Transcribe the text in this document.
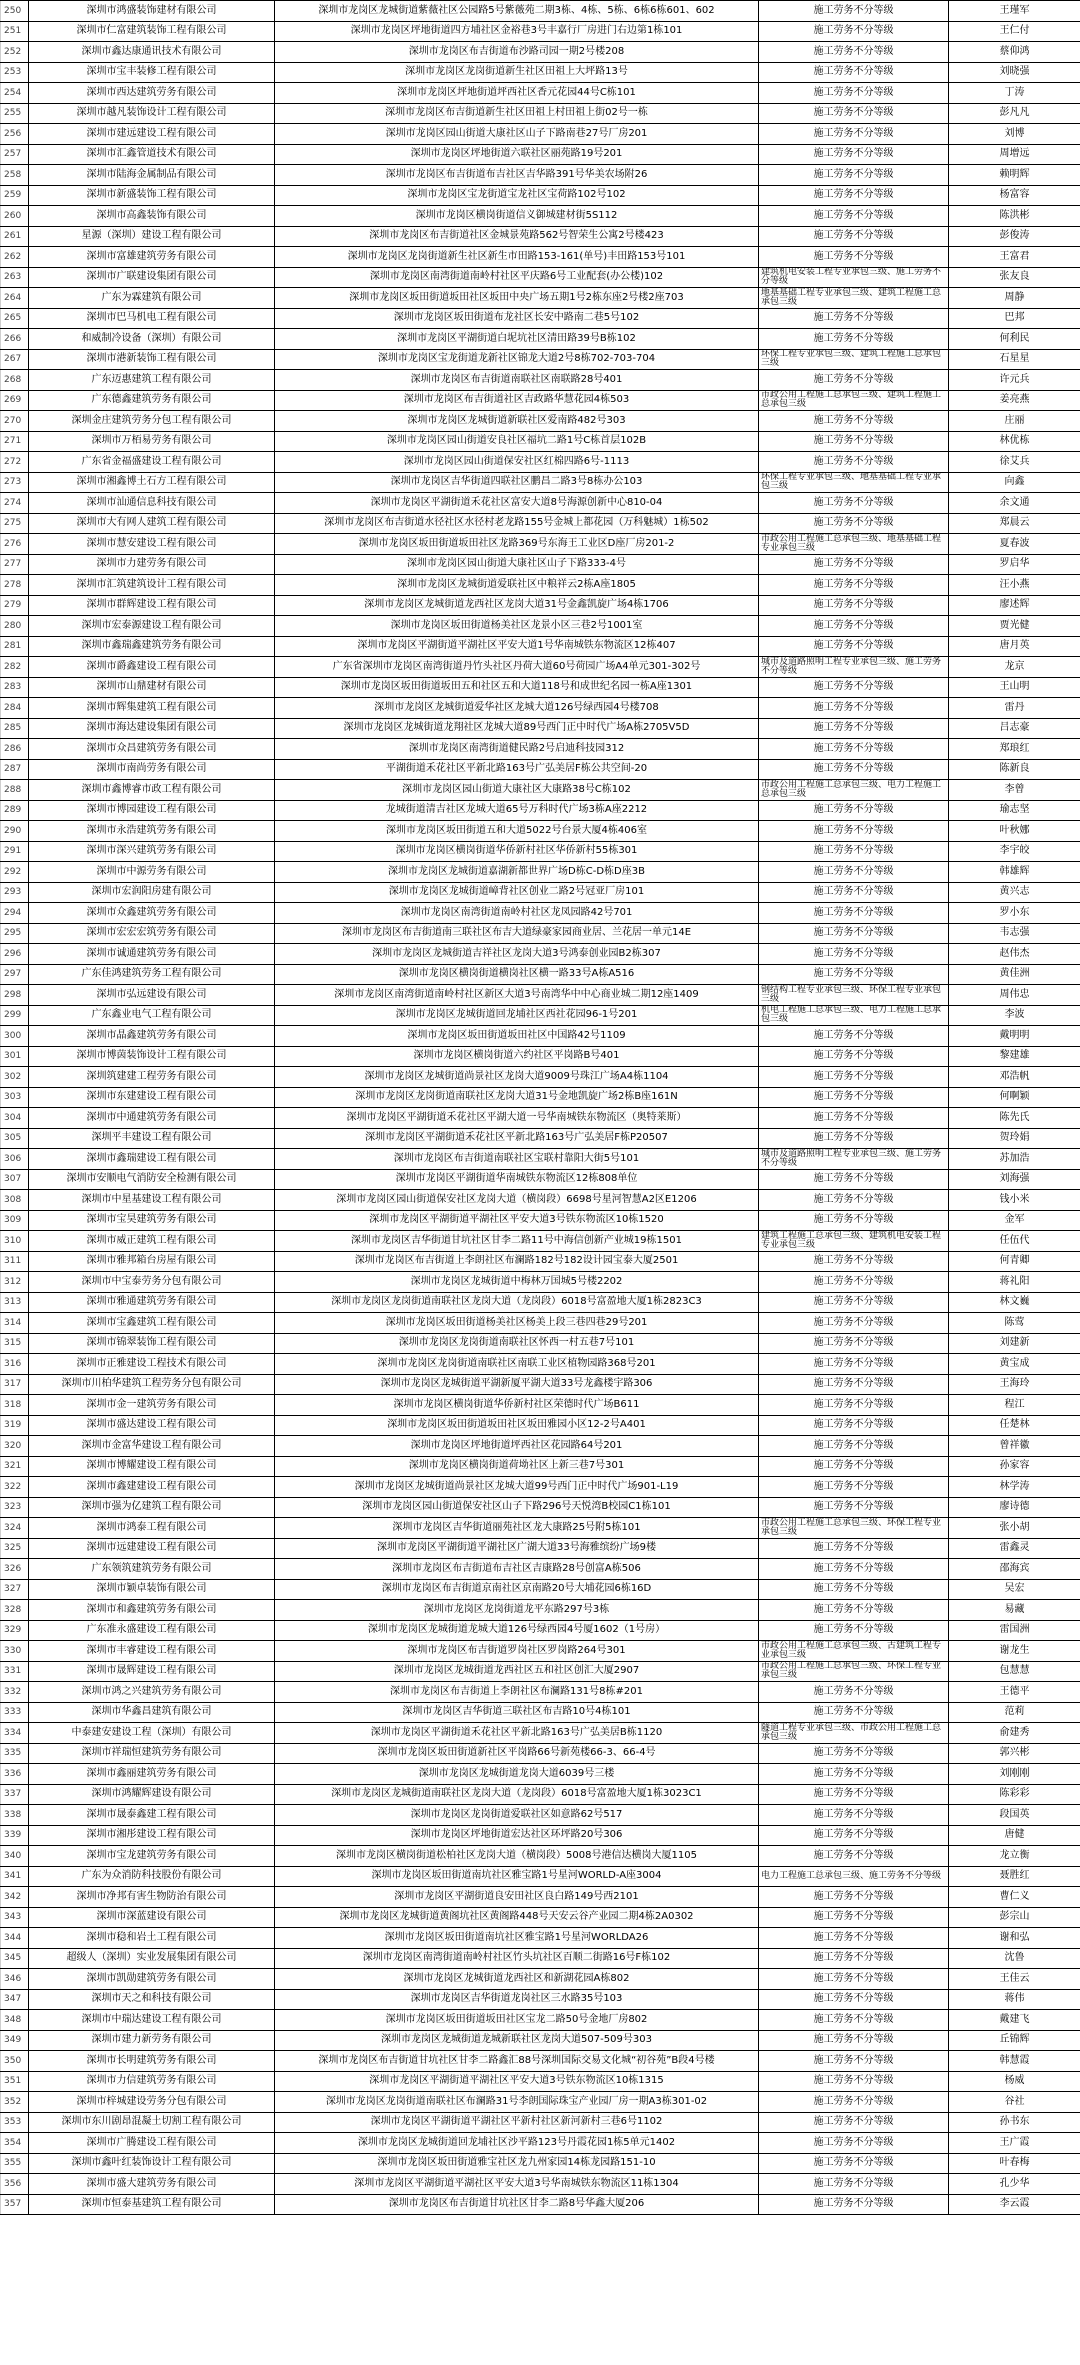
250	深圳市鸿盛装饰建材有限公司	深圳市龙岗区龙城街道紫薇社区公园路5号紫薇苑二期3栋、4栋、5栋、6栋6栋601、602	施工劳务不分等级	王瑾军
251	深圳市仁富建筑装饰工程有限公司	深圳市龙岗区坪地街道四方埔社区金裕巷3号丰嘉行厂房进门右边第1栋101	施工劳务不分等级	王仁付
252	深圳市鑫达康通讯技术有限公司	深圳市龙岗区布吉街道布沙路司园一期2号楼208	施工劳务不分等级	蔡仰鸿
253	深圳市宝丰装修工程有限公司	深圳市龙岗区龙岗街道新生社区田祖上大坪路13号	施工劳务不分等级	刘晓强
254	深圳市西达建筑劳务有限公司	深圳市龙岗区坪地街道坪西社区香元花园44号C栋101	施工劳务不分等级	丁涛
255	深圳市越凡装饰设计工程有限公司	深圳市龙岗区布吉街道新生社区田祖上村田祖上街02号一栋	施工劳务不分等级	彭凡凡
256	深圳市建远建设工程有限公司	深圳市龙岗区园山街道大康社区山子下路南巷27号厂房201	施工劳务不分等级	刘博
257	深圳市汇鑫管道技术有限公司	深圳市龙岗区坪地街道六联社区丽苑路19号201	施工劳务不分等级	周增远
258	深圳市陆海金属制品有限公司	深圳市龙岗区布吉街道布吉社区吉华路391号华美农场附26	施工劳务不分等级	赖明辉
259	深圳市新盛装饰工程有限公司	深圳市龙岗区宝龙街道宝龙社区宝荷路102号102	施工劳务不分等级	杨富容
260	深圳市高鑫装饰有限公司	深圳市龙岗区横岗街道信义御城建材街5S112	施工劳务不分等级	陈洪彬
261	星源（深圳）建设工程有限公司	深圳市龙岗区布吉街道社区金城景苑路562号智荣生公寓2号楼423	施工劳务不分等级	彭俊涛
262	深圳市富雄建筑劳务有限公司	深圳市龙岗区龙岗街道新生社区新生市田路153-161(单号)丰田路153号101	施工劳务不分等级	王富君
263	深圳市广联建设集团有限公司	深圳市龙岗区南湾街道南岭村社区平庆路6号工业配套(办公楼)102	建筑机电安装工程专业承包三级、施工劳务不分等级	张友良
264	广东为霖建筑有限公司	深圳市龙岗区坂田街道坂田社区坂田中央广场五期1号2栋东座2号楼2座703	地基基础工程专业承包三级、建筑工程施工总承包三级	周静
265	深圳市巴马机电工程有限公司	深圳市龙岗区坂田街道布龙社区长安中路南二巷5号102	施工劳务不分等级	巴邦
266	和威制冷设备（深圳）有限公司	深圳市龙岗区平湖街道白坭坑社区清田路39号B栋102	施工劳务不分等级	何利民
267	深圳市港新装饰工程有限公司	深圳市龙岗区宝龙街道龙新社区锦龙大道2号8栋702-703-704	环保工程专业承包三级、建筑工程施工总承包三级	石星星
268	广东迈惠建筑工程有限公司	深圳市龙岗区布吉街道南联社区南联路28号401	施工劳务不分等级	许元兵
269	广东德鑫建筑劳务有限公司	深圳市龙岗区布吉街道社区吉政路华慧花园4栋503	市政公用工程施工总承包三级、建筑工程施工总承包三级	姜亮燕
270	深圳金庄建筑劳务分包工程有限公司	深圳市龙岗区龙城街道新联社区爱南路482号303	施工劳务不分等级	庄丽
271	深圳市万栢易劳务有限公司	深圳市龙岗区园山街道安良社区福坑二路1号C栋首层102B	施工劳务不分等级	林优栋
272	广东省金福盛建设工程有限公司	深圳市龙岗区园山街道保安社区红棉四路6号-1113	施工劳务不分等级	徐艾兵
273	深圳市湘鑫博土石方工程有限公司	深圳市龙岗区吉华街道四联社区鹏昌二路3号8栋办公103	环保工程专业承包三级、地基基础工程专业承包三级	向鑫
274	深圳市汕通信息科技有限公司	深圳市龙岗区平湖街道禾花社区富安大道8号海源创新中心810-04	施工劳务不分等级	余文通
275	深圳市大有网人建筑工程有限公司	深圳市龙岗区布吉街道水径社区水径村老龙路155号金城上都花园（万科魅城）1栋502	施工劳务不分等级	郑晨云
276	深圳市慧安建设工程有限公司	深圳市龙岗区坂田街道坂田社区龙路369号东海王工业区D座厂房201-2	市政公用工程施工总承包三级、地基基础工程专业承包三级	夏春波
277	深圳市力建劳务有限公司	深圳市龙岗区园山街道大康社区山子下路333-4号	施工劳务不分等级	罗启华
278	深圳市汇筑建筑设计工程有限公司	深圳市龙岗区龙城街道爱联社区中粮祥云2栋A座1805	施工劳务不分等级	汪小燕
279	深圳市群辉建设工程有限公司	深圳市龙岗区龙城街道龙西社区龙岗大道31号金鑫凯旋广场4栋1706	施工劳务不分等级	廖述辉
280	深圳市宏泰源建设工程有限公司	深圳市龙岗区坂田街道杨美社区龙景小区三巷2号1001室	施工劳务不分等级	贾光健
281	深圳市鑫瑞鑫建筑劳务有限公司	深圳市龙岗区平湖街道平湖社区平安大道1号华南城铁东物流区12栋407	施工劳务不分等级	唐月英
282	深圳市爵鑫建设工程有限公司	广东省深圳市龙岗区南湾街道丹竹头社区丹荷大道60号荷园广场A4单元301-302号	城市及道路照明工程专业承包三级、施工劳务不分等级	龙京
283	深圳市山鼎建材有限公司	深圳市龙岗区坂田街道坂田五和社区五和大道118号和成世纪名园一栋A座1301	施工劳务不分等级	王山明
284	深圳市辉集建筑工程有限公司	深圳市龙岗区龙城街道爱华社区龙城大道126号绿西园4号楼708	施工劳务不分等级	雷丹
285	深圳市海达建设集团有限公司	深圳市龙岗区龙城街道龙翔社区龙城大道89号西门正中时代广场A栋2705V5D	施工劳务不分等级	吕志豪
286	深圳市众昌建筑劳务有限公司	深圳市龙岗区南湾街道健民路2号启迪科技园312	施工劳务不分等级	郑琅红
287	深圳市南尚劳务有限公司	平湖街道禾花社区平新北路163号广弘美居F栋公共空间-20	施工劳务不分等级	陈新良
288	深圳市鑫博睿市政工程有限公司	深圳市龙岗区园山街道大康社区大康路38号C栋102	市政公用工程施工总承包三级、电力工程施工总承包三级	李曾
289	深圳市博园建设工程有限公司	龙城街道清吉社区龙城大道65号万科时代广场3栋A座2212	施工劳务不分等级	瑜志坚
290	深圳市永浩建筑劳务有限公司	深圳市龙岗区坂田街道五和大道5022号台景大厦4栋406室	施工劳务不分等级	叶秋娜
291	深圳市深兴建筑劳务有限公司	深圳市龙岗区横岗街道华侨新村社区华侨新村55栋301	施工劳务不分等级	李宇皎
292	深圳市中源劳务有限公司	深圳市龙岗区龙城街道嘉湖新都世界广场D栋C-D栋D座3B	施工劳务不分等级	韩雄辉
293	深圳市宏润阳房建有限公司	深圳市龙岗区龙城街道嶂背社区创业二路2号冠亚厂房101	施工劳务不分等级	黄兴志
294	深圳市众鑫建筑劳务有限公司	深圳市龙岗区南湾街道南岭村社区龙凤园路42号701	施工劳务不分等级	罗小东
295	深圳市宏宏宏筑劳务有限公司	深圳市龙岗区布吉街道南三联社区布吉大道绿豪家园商业居、兰花居一单元14E	施工劳务不分等级	韦志强
296	深圳市诚通建筑劳务有限公司	深圳市龙岗区龙城街道吉祥社区龙岗大道3号鸿泰创业园B2栋307	施工劳务不分等级	赵伟杰
297	广东佳鸿建筑劳务工程有限公司	深圳市龙岗区横岗街道横岗社区横一路33号A栋A516	施工劳务不分等级	黄佳洲
298	深圳市弘远建设有限公司	深圳市龙岗区南湾街道南岭村社区新区大道3号南湾华中中心商业城二期12座1409	钢结构工程专业承包三级、环保工程专业承包三级	周伟忠
299	广东鑫业电气工程有限公司	深圳市龙岗区龙城街道回龙埔社区西社花园96-1号201	机电工程施工总承包三级、电力工程施工总承包三级	李波
300	深圳市晶鑫建筑劳务有限公司	深圳市龙岗区坂田街道坂田社区中国路42号1109	施工劳务不分等级	戴明明
301	深圳市博茵装饰设计工程有限公司	深圳市龙岗区横岗街道六约社区平岗路B号401	施工劳务不分等级	黎建雄
302	深圳筑建建工程劳务有限公司	深圳市龙岗区龙城街道尚景社区龙岗大道9009号珠江广场A4栋1104	施工劳务不分等级	邓浩帆
303	深圳市东建建设工程有限公司	深圳市龙岗区龙岗街道南联社区龙岗大道31号金地凯旋广场2栋B座161N	施工劳务不分等级	何啊颖
304	深圳市中通建筑劳务有限公司	深圳市龙岗区平湖街道禾花社区平湖大道一号华南城铁东物流区（奥特莱斯）	施工劳务不分等级	陈先氏
305	深圳平丰建设工程有限公司	深圳市龙岗区平湖街道禾花社区平新北路163号广弘美居F栋P20507	施工劳务不分等级	贺玲娟
306	深圳市鑫瑞建设工程有限公司	深圳市龙岗区布吉街道南联社区宝联村靠阳大街5号101	城市及道路照明工程专业承包三级、施工劳务不分等级	苏加浩
307	深圳市安顺电气消防安全检测有限公司	深圳市龙岗区平湖街道华南城铁东物流区12栋808单位	施工劳务不分等级	刘海强
308	深圳市中星基建设工程有限公司	深圳市龙岗区园山街道保安社区龙岗大道（横岗段）6698号星河智慧A2区E1206	施工劳务不分等级	钱小米
309	深圳市宝昊建筑劳务有限公司	深圳市龙岗区平湖街道平湖社区平安大道3号铁东物流区10栋1520	施工劳务不分等级	金军
310	深圳市威正建筑工程有限公司	深圳市龙岗区吉华街道甘坑社区甘李二路11号中海信创新产业城19栋1501	建筑工程施工总承包三级、建筑机电安装工程专业承包三级	任伍代
311	深圳市雅邦箱台房屋有限公司	深圳市龙岗区布吉街道上李朗社区布澜路182号182设计园宝泰大厦2501	施工劳务不分等级	何青卿
312	深圳市中宝泰劳务分包有限公司	深圳市龙岗区龙城街道中梅林万国城5号楼2202	施工劳务不分等级	蒋礼阳
313	深圳市雅通建筑劳务有限公司	深圳市龙岗区龙岗街道南联社区龙岗大道（龙岗段）6018号富盈地大厦1栋2823C3	施工劳务不分等级	林文巍
314	深圳市宝鑫建筑工程有限公司	深圳市龙岗区坂田街道杨美社区杨美上段三巷四巷29号201	施工劳务不分等级	陈莺
315	深圳市锦翠装饰工程有限公司	深圳市龙岗区龙岗街道南联社区怀西一村五巷7号101	施工劳务不分等级	刘建新
316	深圳市正雅建设工程技术有限公司	深圳市龙岗区龙岗街道南联社区南联工业区植物园路368号201	施工劳务不分等级	黄宝成
317	深圳市川柏华建筑工程劳务分包有限公司	深圳市龙岗区龙城街道平湖新厦平湖大道33号龙鑫楼宇路306	施工劳务不分等级	王海玲
318	深圳市金一建筑劳务有限公司	深圳市龙岗区横岗街道华侨新村社区荣德时代广场B611	施工劳务不分等级	程江
319	深圳市盛达建设工程有限公司	深圳市龙岗区坂田街道坂田社区坂田雅园小区12-2号A401	施工劳务不分等级	任楚林
320	深圳市金富华建设工程有限公司	深圳市龙岗区坪地街道坪西社区花园路64号201	施工劳务不分等级	曾祥徽
321	深圳市博耀建设工程有限公司	深圳市龙岗区横岗街道荷坳社区上新三巷7号301	施工劳务不分等级	孙家容
322	深圳市鑫建建设工程有限公司	深圳市龙岗区龙城街道尚景社区龙城大道99号西门正中时代广场901-L19	施工劳务不分等级	林学涛
323	深圳市强为亿建筑工程有限公司	深圳市龙岗区园山街道保安社区山子下路296号天悦湾B校园C1栋101	施工劳务不分等级	廖诗德
324	深圳市鸿泰工程有限公司	深圳市龙岗区吉华街道丽苑社区龙大康路25号附5栋101	市政公用工程施工总承包三级、环保工程专业承包三级	张小胡
325	深圳市远建建设工程有限公司	深圳市龙岗区平湖街道平湖社区广湖大道33号海雅缤纷广场9楼	施工劳务不分等级	雷鑫灵
326	广东领筑建筑劳务有限公司	深圳市龙岗区布吉街道布吉社区吉康路28号创富A栋506	施工劳务不分等级	邵海宾
327	深圳市颖卓装饰有限公司	深圳市龙岗区布吉街道京南社区京南路20号大埔花园6栋16D	施工劳务不分等级	吴宏
328	深圳市和鑫建筑劳务有限公司	深圳市龙岗区龙岗街道龙平东路297号3栋	施工劳务不分等级	易藏
329	广东准永盛建设工程有限公司	深圳市龙岗区龙城街道龙城大道126号绿西园4号厦1602（1号房）	施工劳务不分等级	雷国洲
330	深圳市丰睿建设工程有限公司	深圳市龙岗区布吉街道罗岗社区罗岗路264号301	市政公用工程施工总承包三级、古建筑工程专业承包三级	谢龙生
331	深圳市晟辉建设工程有限公司	深圳市龙岗区龙城街道龙西社区五和社区创汇大厦2907	市政公用工程施工总承包三级、环保工程专业承包三级	包慧慧
332	深圳市鸿之兴建筑劳务有限公司	深圳市龙岗区布吉街道上李朗社区布澜路131号8栋#201	施工劳务不分等级	王德平
333	深圳市华鑫昌建筑有限公司	深圳市龙岗区吉华街道三联社区布吉路10号4栋101	施工劳务不分等级	范莉
334	中泰建安建设工程（深圳）有限公司	深圳市龙岗区平湖街道禾花社区平新北路163号广弘美居B栋1120	隧道工程专业承包三级、市政公用工程施工总承包三级	俞建秀
335	深圳市祥瑞恒建筑劳务有限公司	深圳市龙岗区坂田街道新社区平岗路66号新苑楼66-3、66-4号	施工劳务不分等级	郭兴彬
336	深圳市鑫丽建筑劳务有限公司	深圳市龙岗区龙城街道龙岗大道6039号三楼	施工劳务不分等级	刘刚刚
337	深圳市鸿耀辉建设有限公司	深圳市龙岗区龙城街道南联社区龙岗大道（龙岗段）6018号富盈地大厦1栋3023C1	施工劳务不分等级	陈彩彩
338	深圳市晟泰鑫建工程有限公司	深圳市龙岗区龙岗街道爱联社区如意路62号517	施工劳务不分等级	段国英
339	深圳市湘彤建设工程有限公司	深圳市龙岗区坪地街道宏达社区环坪路20号306	施工劳务不分等级	唐健
340	深圳市宝龙建筑劳务有限公司	深圳市龙岗区横岗街道松柏社区龙岗大道（横岗段）5008号港信达横岗大厦1105	施工劳务不分等级	龙立衡
341	广东为众消防科技股份有限公司	深圳市龙岗区坂田街道南坑社区雅宝路1号星河WORLD-A座3004	电力工程施工总承包三级、施工劳务不分等级	聂胜红
342	深圳市净邦有害生物防治有限公司	深圳市龙岗区平湖街道良安田社区良白路149号西2101	施工劳务不分等级	曹仁义
343	深圳市深蓝建设有限公司	深圳市龙岗区龙城街道黄阁坑社区黄阁路448号天安云谷产业园二期4栋2A0302	施工劳务不分等级	彭宗山
344	深圳市稳和岩土工程有限公司	深圳市龙岗区坂田街道南坑社区雅宝路1号星河WORLDA26	施工劳务不分等级	谢和弘
345	超级人（深圳）实业发展集团有限公司	深圳市龙岗区南湾街道南岭村社区竹头坑社区百顺二街路16号F栋102	施工劳务不分等级	沈鲁
346	深圳市凯勋建筑劳务有限公司	深圳市龙岗区龙城街道龙西社区和新湖花园A栋802	施工劳务不分等级	王佳云
347	深圳市天之和科技有限公司	深圳市龙岗区吉华街道龙岗社区三水路35号103	施工劳务不分等级	蒋伟
348	深圳市中瑞达建设工程有限公司	深圳市龙岗区坂田街道坂田社区宝龙二路50号金地厂房802	施工劳务不分等级	戴建飞
349	深圳市建力新劳务有限公司	深圳市龙岗区龙城街道龙城新联社区龙岗大道507-509号303	施工劳务不分等级	丘锦辉
350	深圳市长明建筑劳务有限公司	深圳市龙岗区布吉街道甘坑社区甘李二路鑫汇88号深圳国际交易文化城“初谷苑”B段4号楼	施工劳务不分等级	韩慧霞
351	深圳市力信建筑劳务有限公司	深圳市龙岗区平湖街道平湖社区平安大道3号铁东物流区10栋1315	施工劳务不分等级	杨威
352	深圳市梓城建设劳务分包有限公司	深圳市龙岗区龙岗街道南联社区布澜路31号李朗国际珠宝产业园厂房一期A3栋301-02	施工劳务不分等级	谷社
353	深圳市东川剧昂混凝土切割工程有限公司	深圳市龙岗区平湖街道平湖社区平新村社区新河新村三巷6号1102	施工劳务不分等级	孙书东
354	深圳市广腾建设工程有限公司	深圳市龙岗区龙城街道回龙埔社区沙平路123号丹霞花园1栋5单元1402	施工劳务不分等级	王广霞
355	深圳市鑫叶红装饰设计工程有限公司	深圳市龙岗区坂田街道雅宝社区龙九州家园14栋龙园路151-10	施工劳务不分等级	叶春梅
356	深圳市盛大建筑劳务有限公司	深圳市龙岗区平湖街道平湖社区平安大道3号华南城铁东物流区11栋1304	施工劳务不分等级	孔少华
357	深圳市恒泰基建筑工程有限公司	深圳市龙岗区布吉街道甘坑社区甘李二路8号华鑫大厦206	施工劳务不分等级	李云霞
